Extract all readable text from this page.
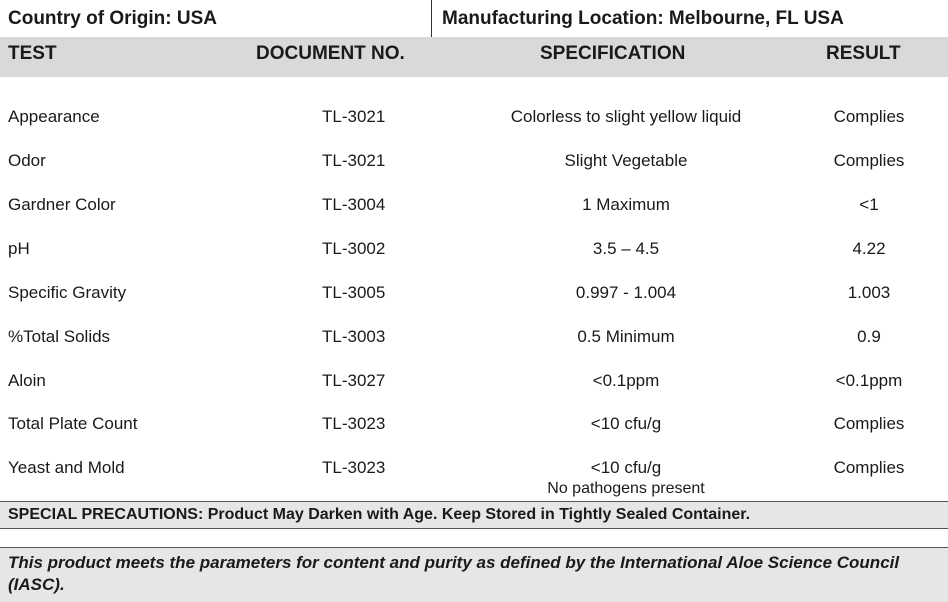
Country of Origin: USA	Manufacturing Location: Melbourne, FL USA
TEST	DOCUMENT NO.	SPECIFICATION	RESULT
Appearance	TL-3021	Colorless to slight yellow liquid	Complies
Odor	TL-3021	Slight Vegetable	Complies
Gardner Color	TL-3004	1 Maximum	<1
pH	TL-3002	3.5 – 4.5	4.22
Specific Gravity	TL-3005	0.997 - 1.004	1.003
%Total Solids	TL-3003	0.5 Minimum	0.9
Aloin	TL-3027	<0.1ppm	<0.1ppm
Total Plate Count	TL-3023	<10 cfu/g	Complies
Yeast and Mold	TL-3023	<10 cfu/g	Complies
No pathogens present
SPECIAL PRECAUTIONS: Product May Darken with Age. Keep Stored in Tightly Sealed Container.
This product meets the parameters for content and purity as defined by the International Aloe Science Council (IASC).
